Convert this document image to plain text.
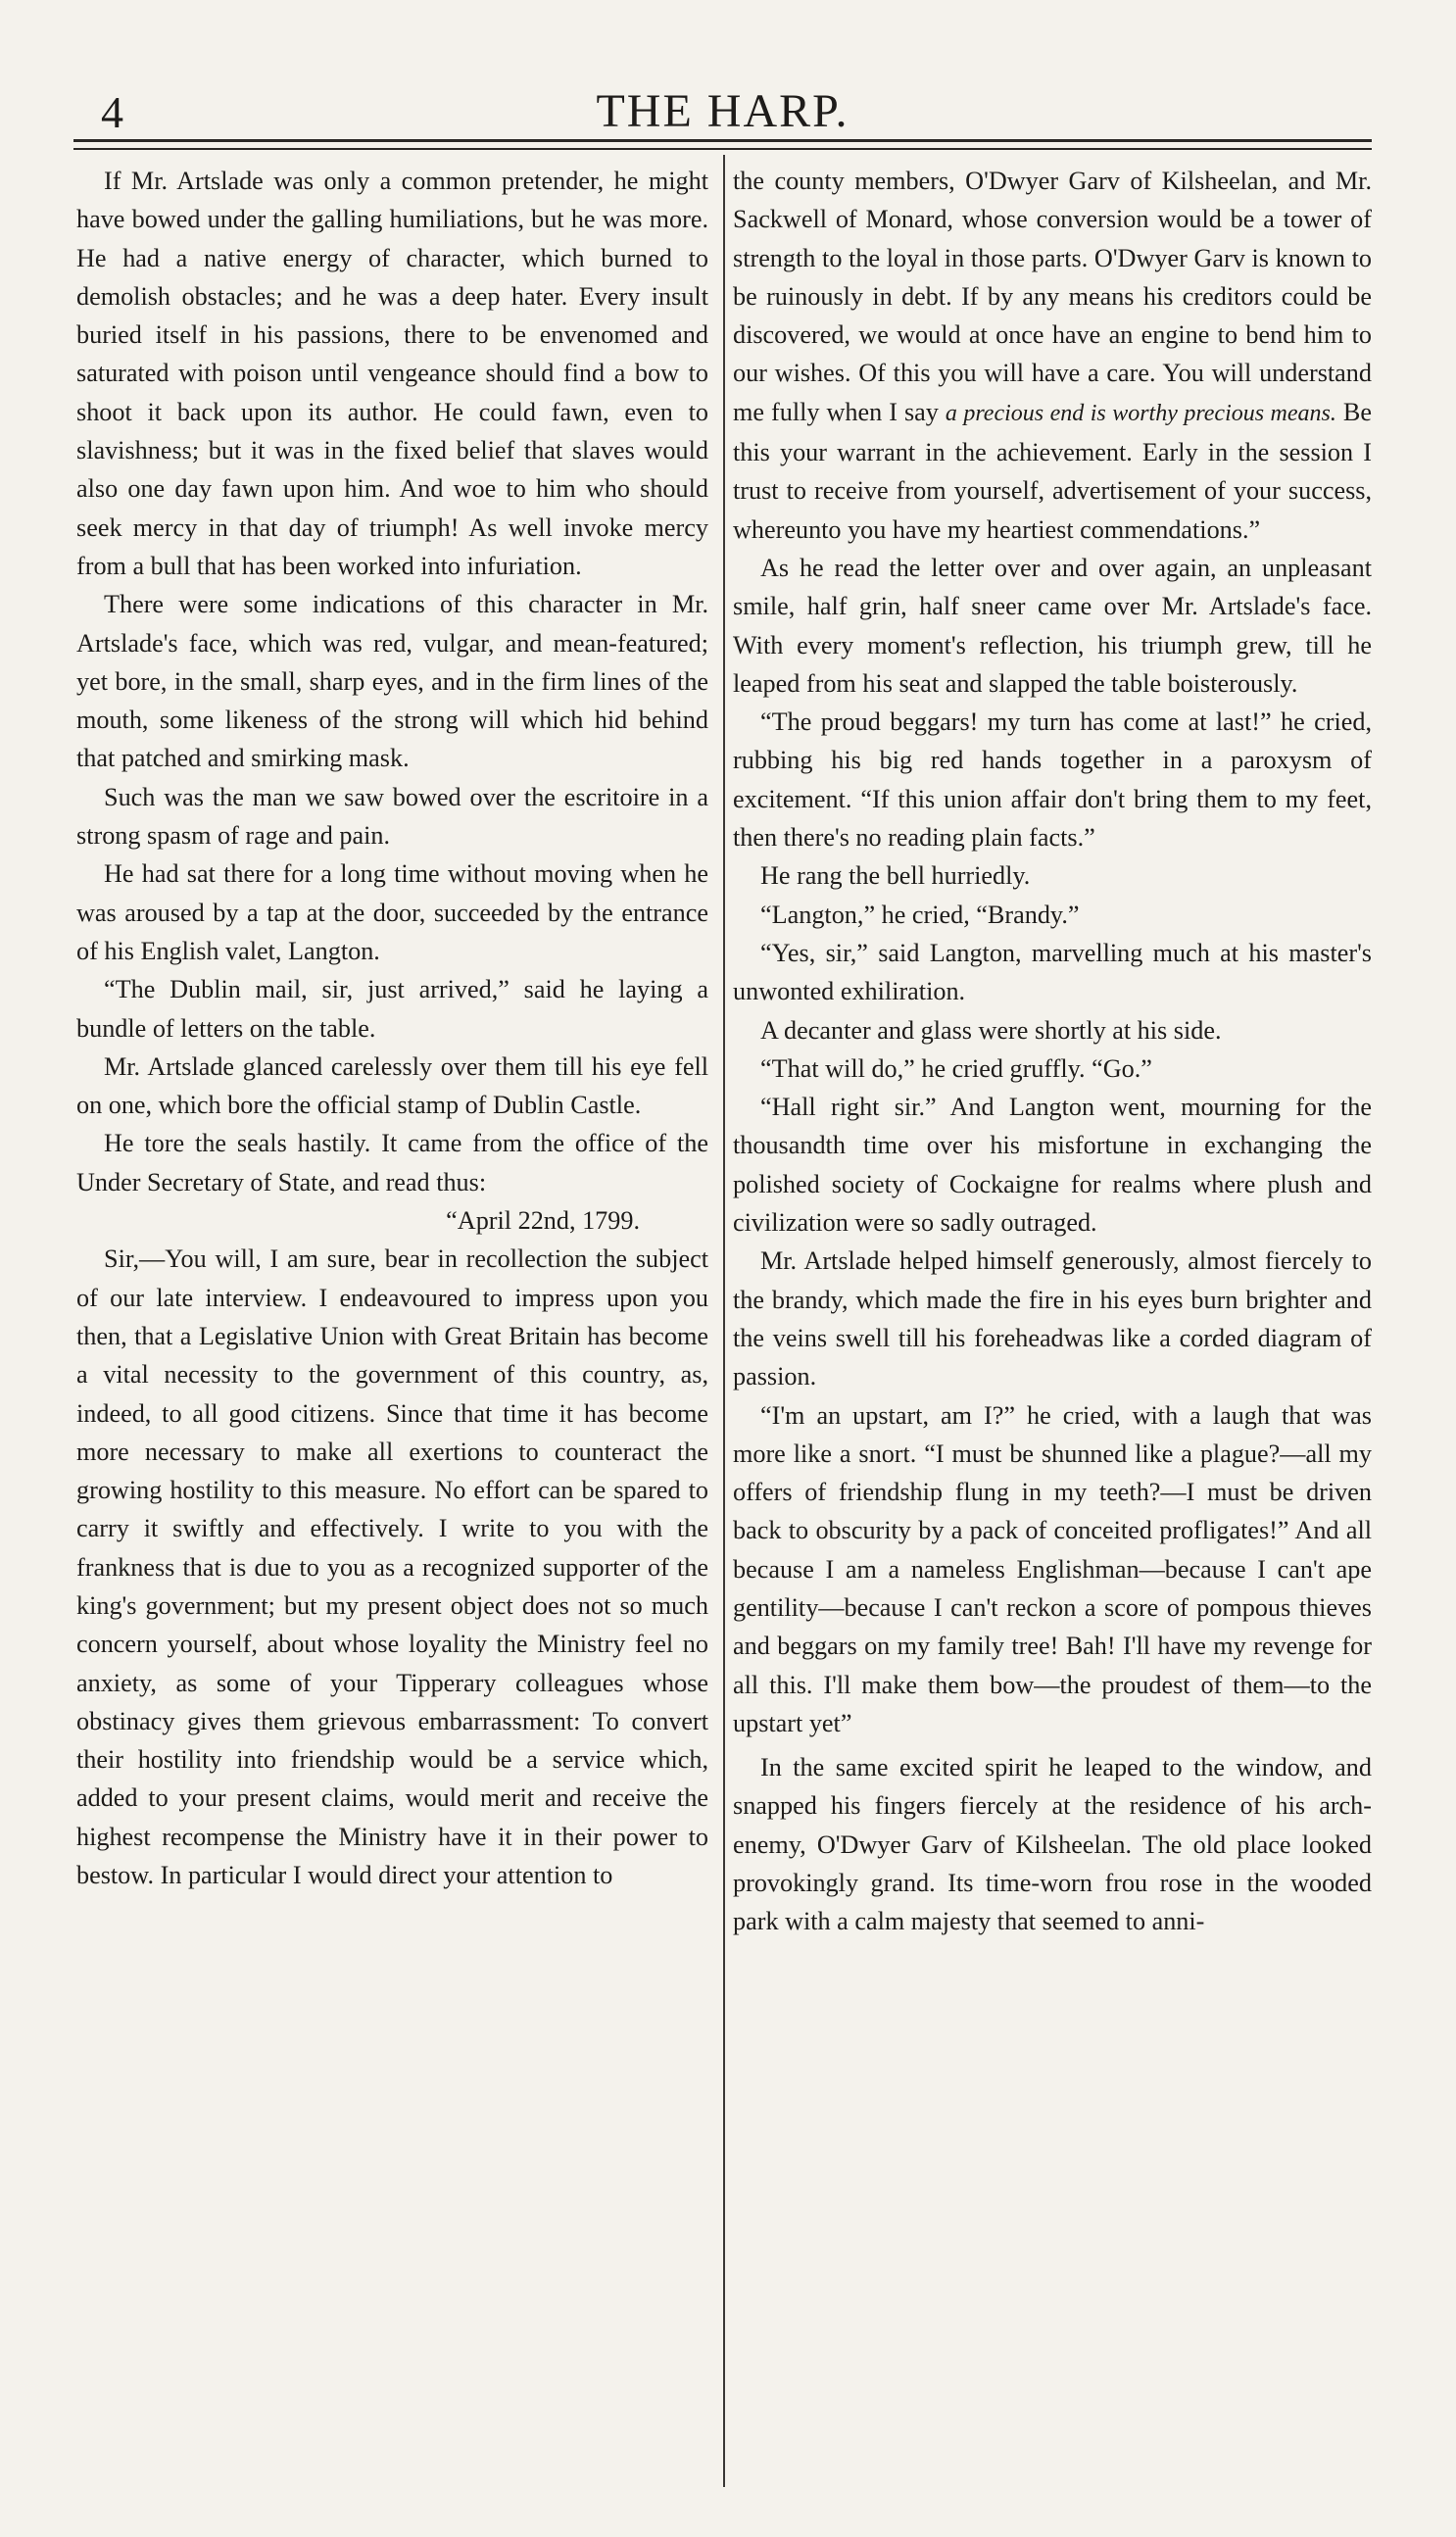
4	THE HARP.

If Mr. Artslade was only a common pretender, he might have bowed under the galling humiliations, but he was more. He had a native energy of character, which burned to demolish obstacles; and he was a deep hater. Every insult buried itself in his passions, there to be envenomed and saturated with poison until vengeance should find a bow to shoot it back upon its author. He could fawn, even to slavishness; but it was in the fixed belief that slaves would also one day fawn upon him. And woe to him who should seek mercy in that day of triumph! As well invoke mercy from a bull that has been worked into infuriation.

There were some indications of this character in Mr. Artslade's face, which was red, vulgar, and mean-featured; yet bore, in the small, sharp eyes, and in the firm lines of the mouth, some likeness of the strong will which hid behind that patched and smirking mask.

Such was the man we saw bowed over the escritoire in a strong spasm of rage and pain.

He had sat there for a long time without moving when he was aroused by a tap at the door, succeeded by the entrance of his English valet, Langton.

“The Dublin mail, sir, just arrived,” said he laying a bundle of letters on the table.

Mr. Artslade glanced carelessly over them till his eye fell on one, which bore the official stamp of Dublin Castle.

He tore the seals hastily. It came from the office of the Under Secretary of State, and read thus:

“April 22nd, 1799.

Sir,—You will, I am sure, bear in recollection the subject of our late interview. I endeavoured to impress upon you then, that a Legislative Union with Great Britain has become a vital necessity to the government of this country, as, indeed, to all good citizens. Since that time it has become more necessary to make all exertions to counteract the growing hostility to this measure. No effort can be spared to carry it swiftly and effectively. I write to you with the frankness that is due to you as a recognized supporter of the king's government; but my present object does not so much concern yourself, about whose loyality the Ministry feel no anxiety, as some of your Tipperary colleagues whose obstinacy gives them grievous embarrassment: To convert their hostility into friendship would be a service which, added to your present claims, would merit and receive the highest recompense the Ministry have it in their power to bestow. In particular I would direct your attention to

the county members, O'Dwyer Garv of Kilsheelan, and Mr. Sackwell of Monard, whose conversion would be a tower of strength to the loyal in those parts. O'Dwyer Garv is known to be ruinously in debt. If by any means his creditors could be discovered, we would at once have an engine to bend him to our wishes. Of this you will have a care. You will understand me fully when I say a precious end is worthy precious means. Be this your warrant in the achievement. Early in the session I trust to receive from yourself, advertisement of your success, whereunto you have my heartiest commendations.”

As he read the letter over and over again, an unpleasant smile, half grin, half sneer came over Mr. Artslade's face. With every moment's reflection, his triumph grew, till he leaped from his seat and slapped the table boisterously.

“The proud beggars! my turn has come at last!” he cried, rubbing his big red hands together in a paroxysm of excitement. “If this union affair don't bring them to my feet, then there's no reading plain facts.”

He rang the bell hurriedly.

“Langton,” he cried, “Brandy.”

“Yes, sir,” said Langton, marvelling much at his master's unwonted exhiliration.

A decanter and glass were shortly at his side.

“That will do,” he cried gruffly. “Go.”

“Hall right sir.” And Langton went, mourning for the thousandth time over his misfortune in exchanging the polished society of Cockaigne for realms where plush and civilization were so sadly outraged.

Mr. Artslade helped himself generously, almost fiercely to the brandy, which made the fire in his eyes burn brighter and the veins swell till his foreheadwas like a corded diagram of passion.

“I'm an upstart, am I?” he cried, with a laugh that was more like a snort. “I must be shunned like a plague?—all my offers of friendship flung in my teeth?—I must be driven back to obscurity by a pack of conceited profligates!” And all because I am a nameless Englishman—because I can't ape gentility—because I can't reckon a score of pompous thieves and beggars on my family tree! Bah! I'll have my revenge for all this. I'll make them bow—the proudest of them—to the upstart yet”

In the same excited spirit he leaped to the window, and snapped his fingers fiercely at the residence of his arch-enemy, O'Dwyer Garv of Kilsheelan. The old place looked provokingly grand. Its time-worn frou rose in the wooded park with a calm majesty that seemed to anni-
